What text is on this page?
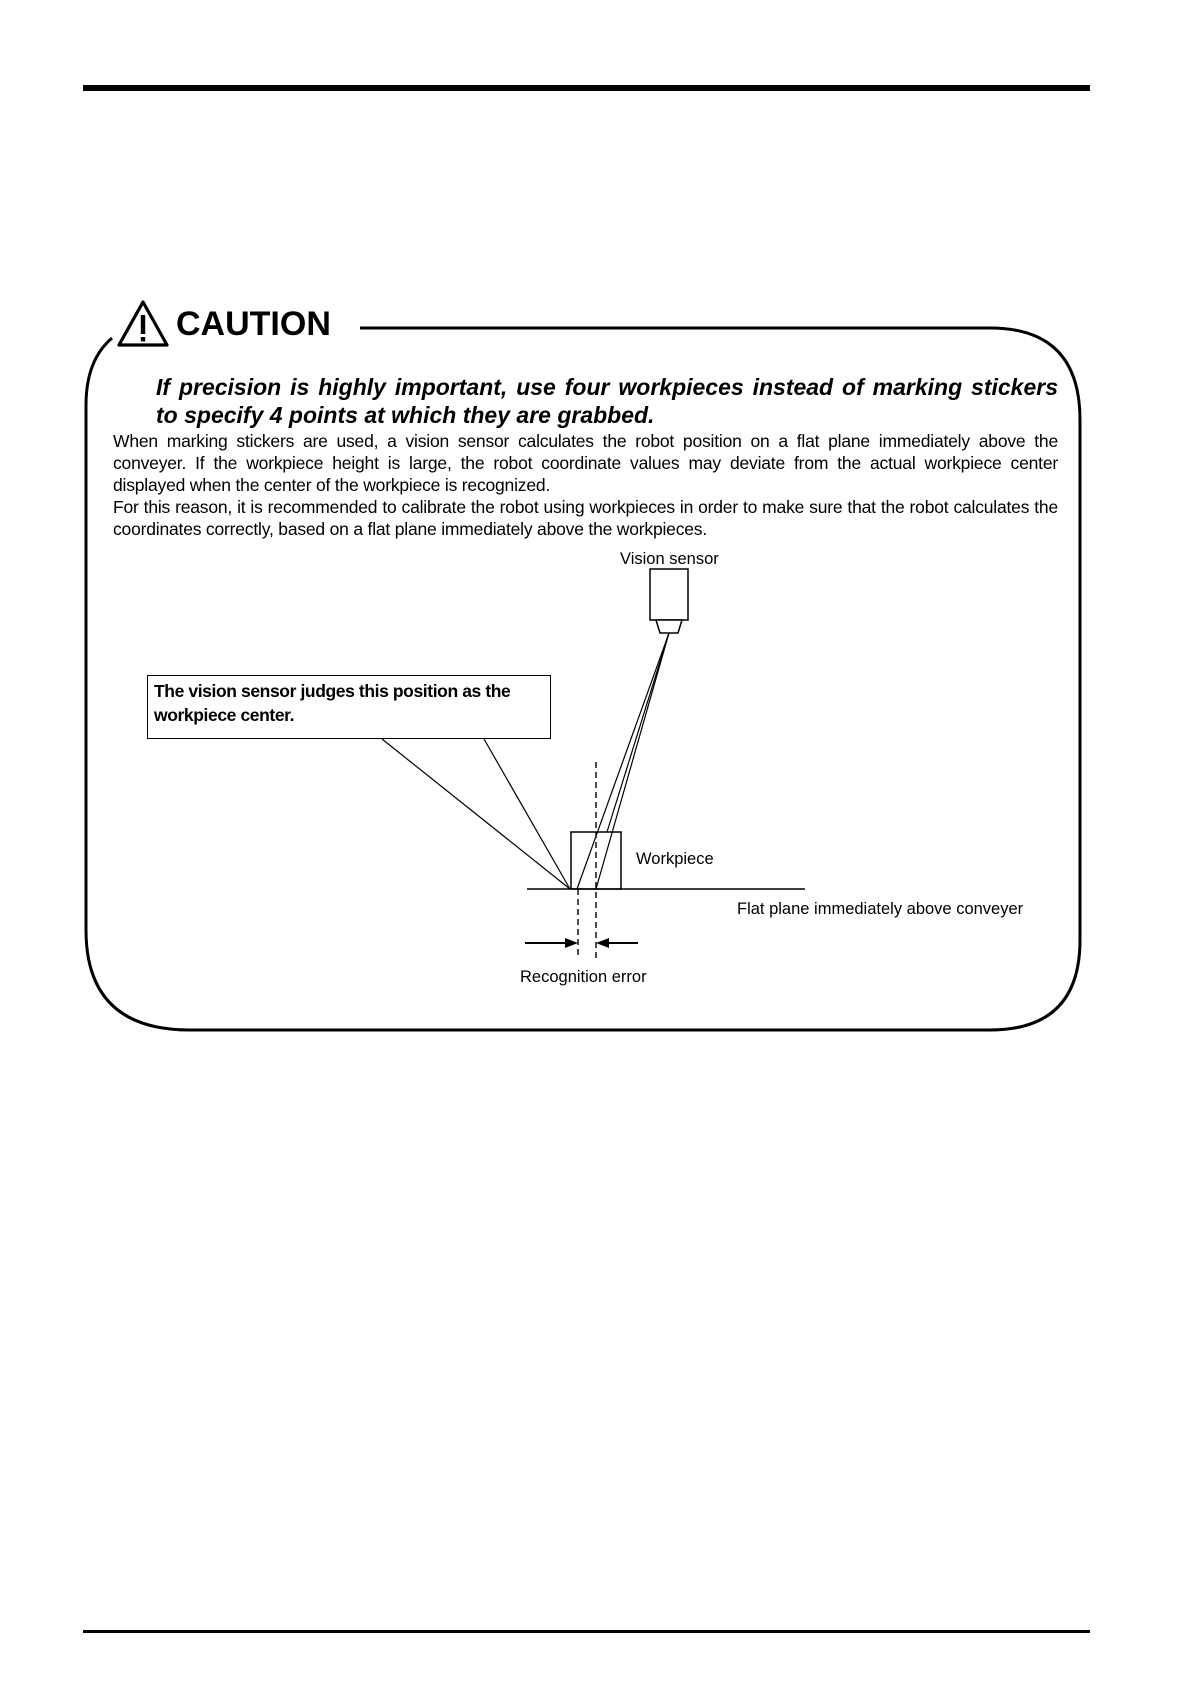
CAUTION
If precision is highly important, use four workpieces instead of marking stickers to specify 4 points at which they are grabbed.

When marking stickers are used, a vision sensor calculates the robot position on a flat plane immediately above the conveyer. If the workpiece height is large, the robot coordinate values may deviate from the actual workpiece center displayed when the center of the workpiece is recognized.

For this reason, it is recommended to calibrate the robot using workpieces in order to make sure that the robot calculates the coordinates correctly, based on a flat plane immediately above the workpieces.

Vision sensor
The vision sensor judges this position as the workpiece center.
Workpiece
Flat plane immediately above conveyer
Recognition error
